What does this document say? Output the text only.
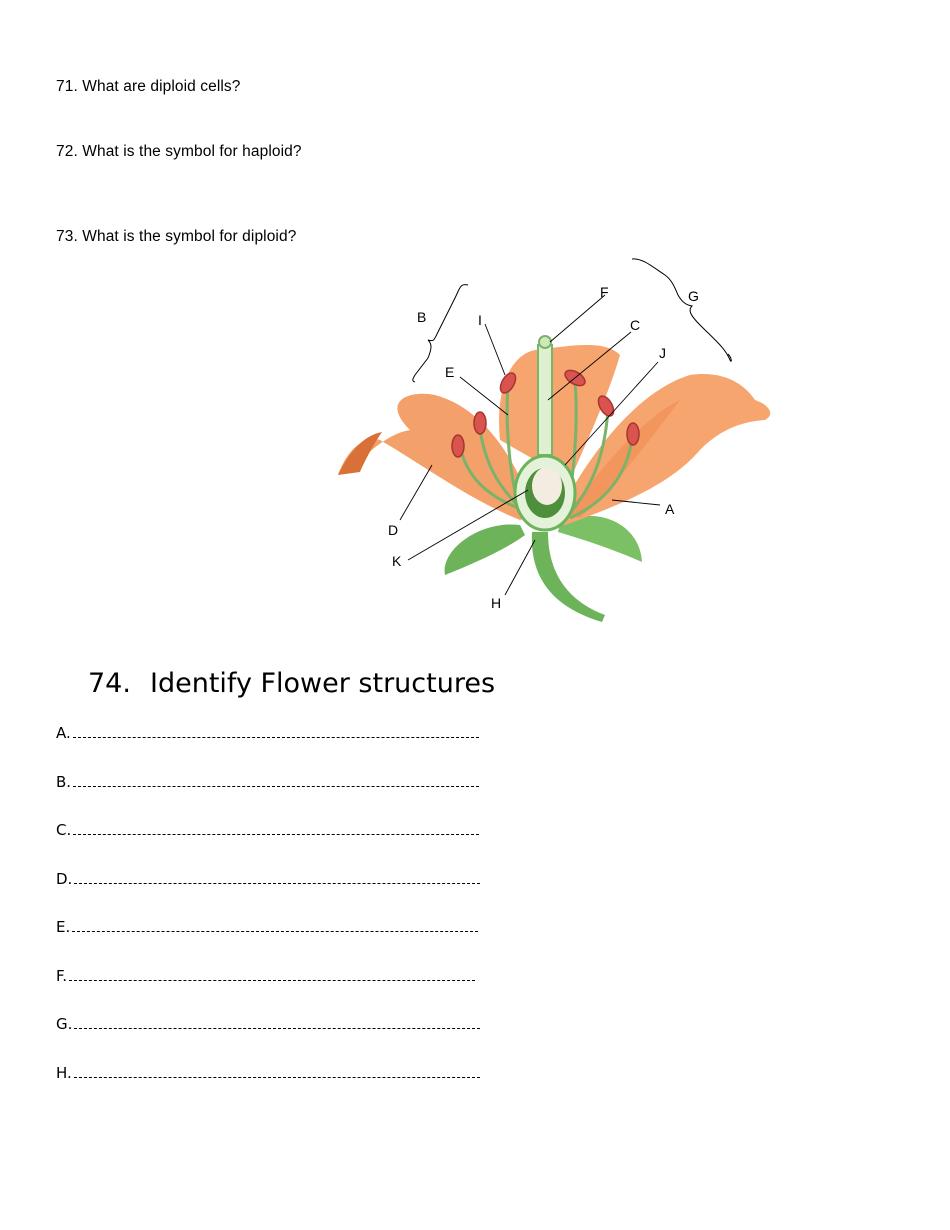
71. What are diploid cells?
72. What is the symbol for haploid?
73. What is the symbol for diploid?
A
B	C
D
E
F	G
H
I
J
K
74. Identify Flower structures
A.
B.
C.
D.
E.
F.
G.
H.
